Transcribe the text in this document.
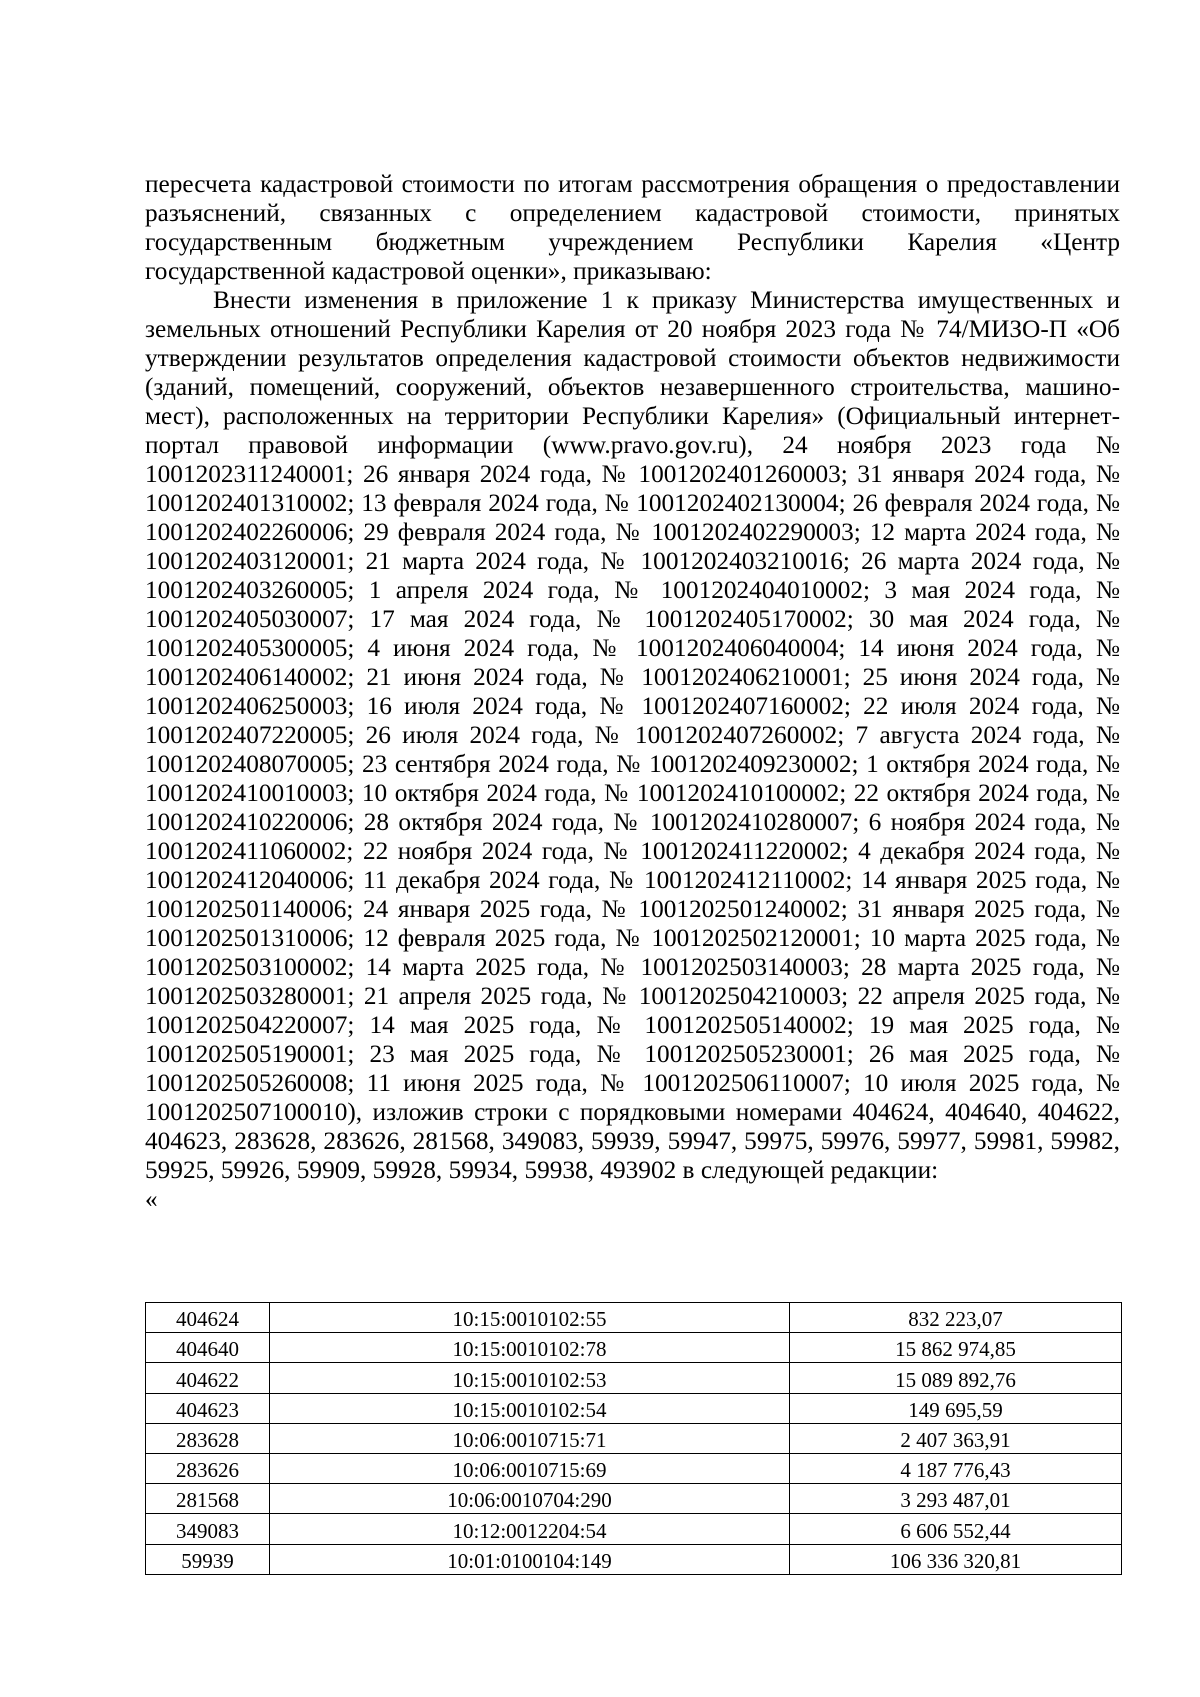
пересчета кадастровой стоимости по итогам рассмотрения обращения о предоставлении разъяснений, связанных с определением кадастровой стоимости, принятых государственным бюджетным учреждением Республики Карелия «Центр государственной кадастровой оценки», приказываю:

Внести изменения в приложение 1 к приказу Министерства имущественных и земельных отношений Республики Карелия от 20 ноября 2023 года № 74/МИЗО-П «Об утверждении результатов определения кадастровой стоимости объектов недвижимости (зданий, помещений, сооружений, объектов незавершенного строительства, машино-мест), расположенных на территории Республики Карелия» (Официальный интернет-портал правовой информации (www.pravo.gov.ru), 24 ноября 2023 года № 1001202311240001; 26 января 2024 года, № 1001202401260003; 31 января 2024 года, № 1001202401310002; 13 февраля 2024 года, № 1001202402130004; 26 февраля 2024 года, № 1001202402260006; 29 февраля 2024 года, № 1001202402290003; 12 марта 2024 года, № 1001202403120001; 21 марта 2024 года, № 1001202403210016; 26 марта 2024 года, № 1001202403260005; 1 апреля 2024 года, № 1001202404010002; 3 мая 2024 года, № 1001202405030007; 17 мая 2024 года, № 1001202405170002; 30 мая 2024 года, № 1001202405300005; 4 июня 2024 года, № 1001202406040004; 14 июня 2024 года, № 1001202406140002; 21 июня 2024 года, № 1001202406210001; 25 июня 2024 года, № 1001202406250003; 16 июля 2024 года, № 1001202407160002; 22 июля 2024 года, № 1001202407220005; 26 июля 2024 года, № 1001202407260002; 7 августа 2024 года, № 1001202408070005; 23 сентября 2024 года, № 1001202409230002; 1 октября 2024 года, № 1001202410010003; 10 октября 2024 года, № 1001202410100002; 22 октября 2024 года, № 1001202410220006; 28 октября 2024 года, № 1001202410280007; 6 ноября 2024 года, № 1001202411060002; 22 ноября 2024 года, № 1001202411220002; 4 декабря 2024 года, № 1001202412040006; 11 декабря 2024 года, № 1001202412110002; 14 января 2025 года, № 1001202501140006; 24 января 2025 года, № 1001202501240002; 31 января 2025 года, № 1001202501310006; 12 февраля 2025 года, № 1001202502120001; 10 марта 2025 года, № 1001202503100002; 14 марта 2025 года, № 1001202503140003; 28 марта 2025 года, № 1001202503280001; 21 апреля 2025 года, № 1001202504210003; 22 апреля 2025 года, № 1001202504220007; 14 мая 2025 года, № 1001202505140002; 19 мая 2025 года, № 1001202505190001; 23 мая 2025 года, № 1001202505230001; 26 мая 2025 года, № 1001202505260008; 11 июня 2025 года, № 1001202506110007; 10 июля 2025 года, № 1001202507100010), изложив строки с порядковыми номерами 404624, 404640, 404622, 404623, 283628, 283626, 281568, 349083, 59939, 59947, 59975, 59976, 59977, 59981, 59982, 59925, 59926, 59909, 59928, 59934, 59938, 493902 в следующей редакции:

«

404624	10:15:0010102:55	832 223,07
404640	10:15:0010102:78	15 862 974,85
404622	10:15:0010102:53	15 089 892,76
404623	10:15:0010102:54	149 695,59
283628	10:06:0010715:71	2 407 363,91
283626	10:06:0010715:69	4 187 776,43
281568	10:06:0010704:290	3 293 487,01
349083	10:12:0012204:54	6 606 552,44
59939	10:01:0100104:149	106 336 320,81
